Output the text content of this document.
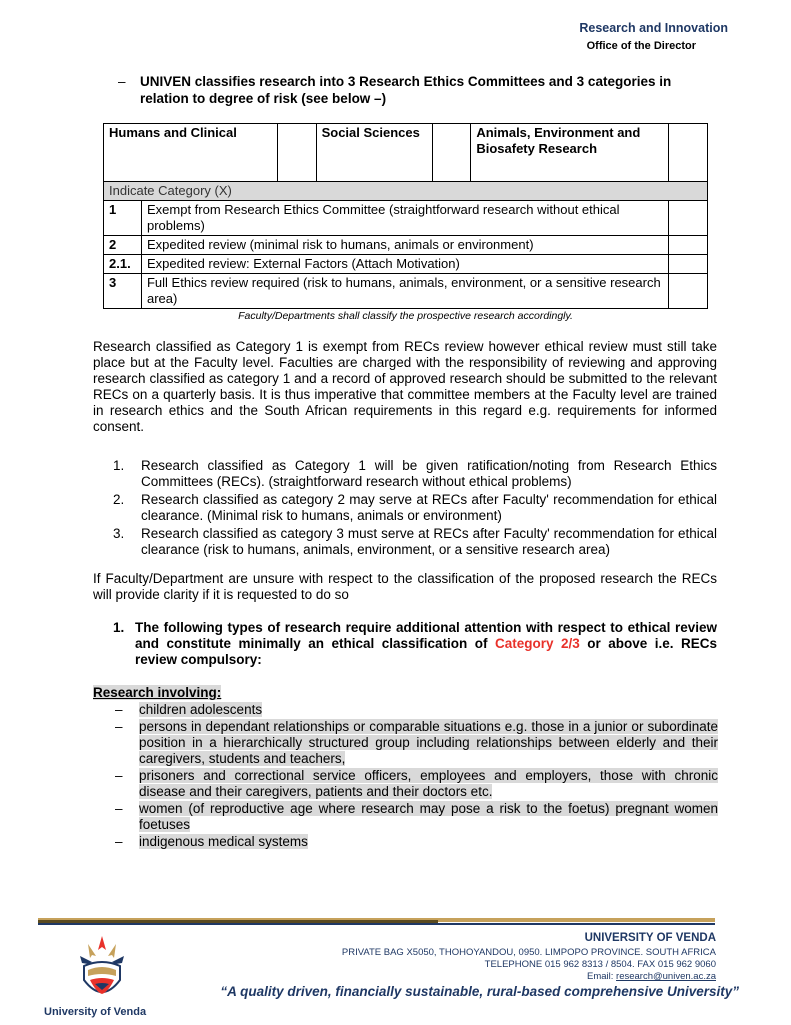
Research and Innovation
Office of the Director
– UNIVEN classifies research into 3 Research Ethics Committees and 3 categories in relation to degree of risk (see below –)
Humans and Clinical			Social Sciences		Animals, Environment and Biosafety Research	
Indicate Category (X)						
1	Exempt from Research Ethics Committee (straightforward research without ethical problems)					
2	Expedited review (minimal risk to humans, animals or environment)					
2.1.	Expedited review: External Factors (Attach Motivation)					
3	Full Ethics review required (risk to humans, animals, environment, or a sensitive research area)					
Faculty/Departments shall classify the prospective research accordingly.
Research classified as Category 1 is exempt from RECs review however ethical review must still take place but at the Faculty level. Faculties are charged with the responsibility of reviewing and approving research classified as category 1 and a record of approved research should be submitted to the relevant RECs on a quarterly basis. It is thus imperative that committee members at the Faculty level are trained in research ethics and the South African requirements in this regard e.g. requirements for informed consent.
1. Research classified as Category 1 will be given ratification/noting from Research Ethics Committees (RECs). (straightforward research without ethical problems)
2. Research classified as category 2 may serve at RECs after Faculty' recommendation for ethical clearance. (Minimal risk to humans, animals or environment)
3. Research classified as category 3 must serve at RECs after Faculty' recommendation for ethical clearance (risk to humans, animals, environment, or a sensitive research area)
If Faculty/Department are unsure with respect to the classification of the proposed research the RECs will provide clarity if it is requested to do so
1. The following types of research require additional attention with respect to ethical review and constitute minimally an ethical classification of Category 2/3 or above i.e. RECs review compulsory:
Research involving:
– children adolescents
– persons in dependant relationships or comparable situations e.g. those in a junior or subordinate position in a hierarchically structured group including relationships between elderly and their caregivers, students and teachers,
– prisoners and correctional service officers, employees and employers, those with chronic disease and their caregivers, patients and their doctors etc.
– women (of reproductive age where research may pose a risk to the foetus) pregnant women foetuses
– indigenous medical systems
University of Venda
UNIVERSITY OF VENDA
PRIVATE BAG X5050, THOHOYANDOU, 0950. LIMPOPO PROVINCE. SOUTH AFRICA
TELEPHONE 015 962 8313 / 8504. FAX 015 962 9060
Email: research@univen.ac.za
“A quality driven, financially sustainable, rural-based comprehensive University”
